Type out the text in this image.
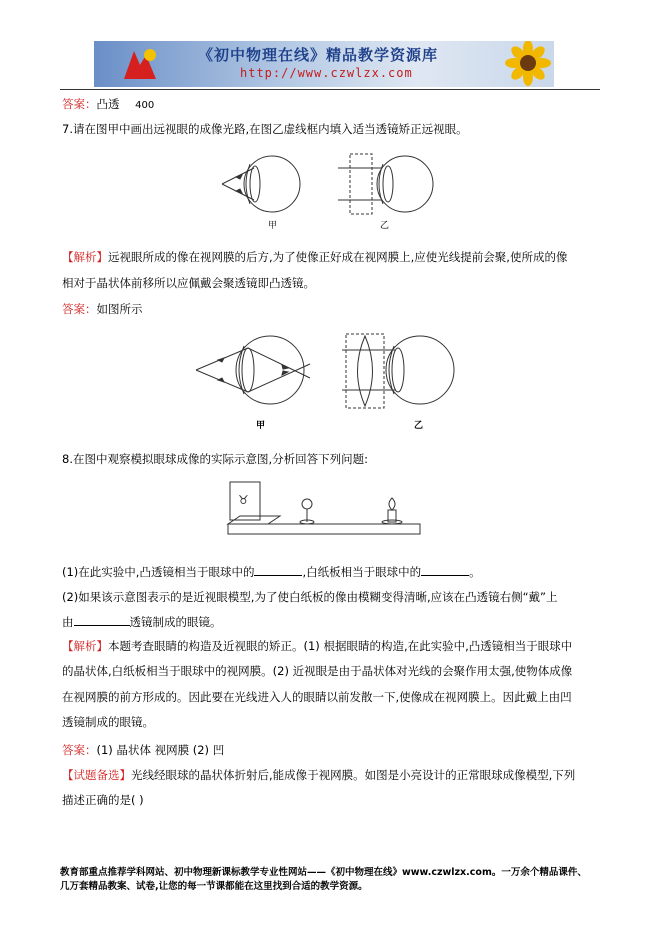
《初中物理在线》精品教学资源库
http://www.czwlzx.com
答案：凸透 400
7.请在图甲中画出远视眼的成像光路,在图乙虚线框内填入适当透镜矫正远视眼。
甲	乙
【解析】远视眼所成的像在视网膜的后方,为了使像正好成在视网膜上,应使光线提前会聚,使所成的像
相对于晶状体前移所以应佩戴会聚透镜即凸透镜。
答案：如图所示
甲	乙
8.在图中观察模拟眼球成像的实际示意图,分析回答下列问题:
♉
(1)在此实验中,凸透镜相当于眼球中的	,白纸板相当于眼球中的	。
(2)如果该示意图表示的是近视眼模型,为了使白纸板的像由模糊变得清晰,应该在凸透镜右侧“戴”上
由	透镜制成的眼镜。
【解析】本题考查眼睛的构造及近视眼的矫正。(1) 根据眼睛的构造,在此实验中,凸透镜相当于眼球中
的晶状体,白纸板相当于眼球中的视网膜。(2) 近视眼是由于晶状体对光线的会聚作用太强,使物体成像
在视网膜的前方形成的。因此要在光线进入人的眼睛以前发散一下,使像成在视网膜上。因此戴上由凹
透镜制成的眼镜。
答案：(1) 晶状体 视网膜 (2) 凹
【试题备选】光线经眼球的晶状体折射后,能成像于视网膜。如图是小亮设计的正常眼球成像模型,下列
描述正确的是( )
教育部重点推荐学科网站、初中物理新课标教学专业性网站——《初中物理在线》www.czwlzx.com。一万余个精品课件、
几万套精品教案、试卷,让您的每一节课都能在这里找到合适的教学资源。
